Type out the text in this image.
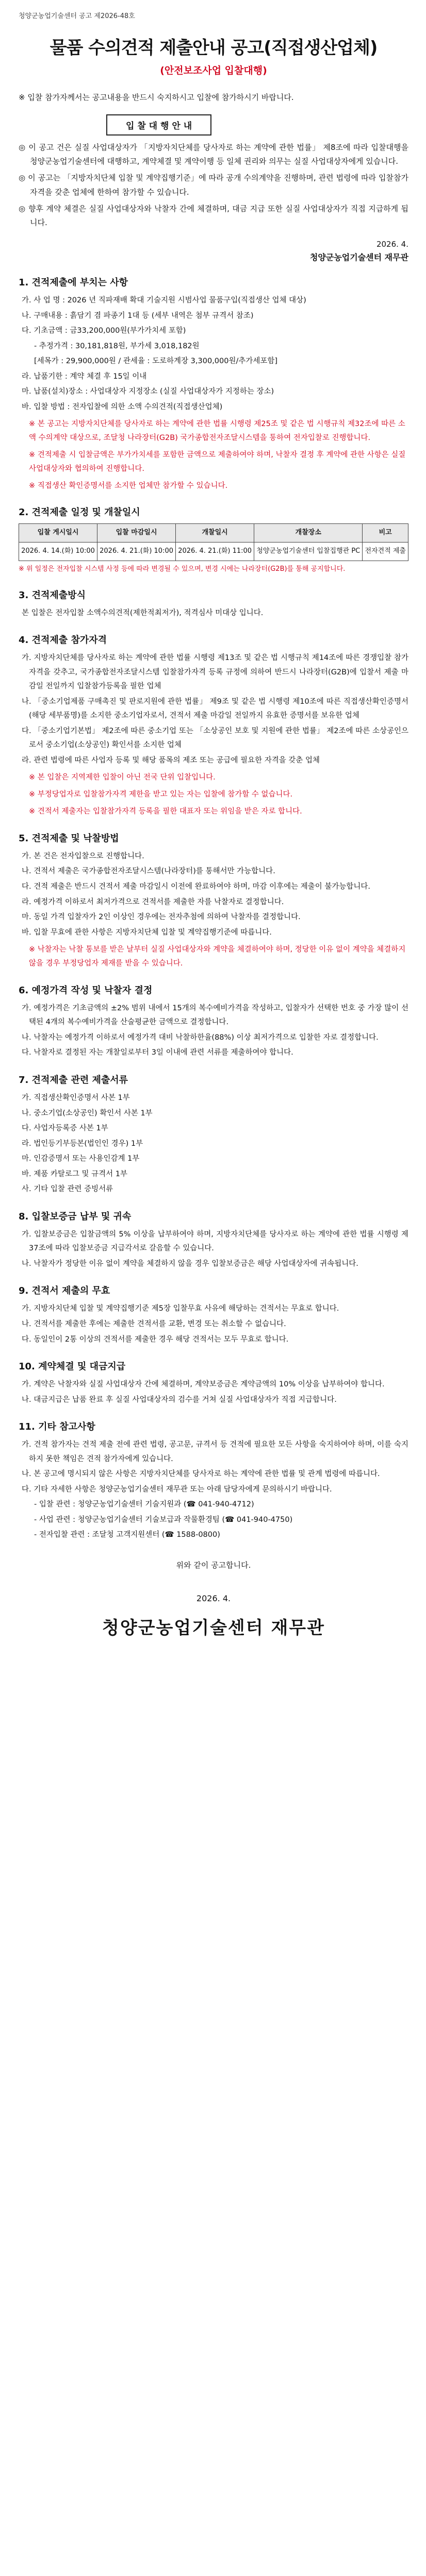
청양군농업기술센터 공고 제2026-48호

물품 수의견적 제출안내 공고(직접생산업체)

(안전보조사업 입찰대행)

※ 입찰 참가자께서는 공고내용을 반드시 숙지하시고 입찰에 참가하시기 바랍니다.

입 찰 대 행 안 내

◎ 이 공고 건은 실질 사업대상자가 「지방자치단체를 당사자로 하는 계약에 관한 법률」 제8조에 따라 입찰대행을 청양군농업기술센터에 대행하고, 계약체결 및 계약이행 등 일체 권리와 의무는 실질 사업대상자에게 있습니다.

◎ 이 공고는 「지방자치단체 입찰 및 계약집행기준」에 따라 공개 수의계약을 진행하며, 관련 법령에 따라 입찰참가자격을 갖춘 업체에 한하여 참가할 수 있습니다.

◎ 향후 계약 체결은 실질 사업대상자와 낙찰자 간에 체결하며, 대금 지급 또한 실질 사업대상자가 직접 지급하게 됩니다.

2026. 4.

청양군농업기술센터 재무관

1. 견적제출에 부치는 사항

가. 사 업 명 : 2026 년 직파재배 확대 기술지원 시범사업 물품구입(직접생산 업체 대상)

나. 구매내용 : 흙담기 겸 파종기 1대 등 (세부 내역은 첨부 규격서 참조)

다. 기초금액 : 금33,200,000원(부가가치세 포함)

- 추정가격 : 30,181,818원, 부가세 3,018,182원

[세목가 : 29,900,000원 / 관세율 : 도로하계장 3,300,000원/추가세포함]

라. 납품기한 : 계약 체결 후 15일 이내

마. 납품(설치)장소 : 사업대상자 지정장소 (실질 사업대상자가 지정하는 장소)

바. 입찰 방법 : 전자입찰에 의한 소액 수의견적(직접생산업체)

※ 본 공고는 지방자치단체를 당사자로 하는 계약에 관한 법률 시행령 제25조 및 같은 법 시행규칙 제32조에 따른 소액 수의계약 대상으로, 조달청 나라장터(G2B) 국가종합전자조달시스템을 통하여 전자입찰로 진행합니다.

※ 견적제출 시 입찰금액은 부가가치세를 포함한 금액으로 제출하여야 하며, 낙찰자 결정 후 계약에 관한 사항은 실질 사업대상자와 협의하여 진행합니다.

※ 직접생산 확인증명서를 소지한 업체만 참가할 수 있습니다.

2. 견적제출 일정 및 개찰일시
입찰 게시일시	입찰 마감일시	개찰일시	개찰장소	비고
2026. 4. 14.(화) 10:00	2026. 4. 21.(화) 10:00	2026. 4. 21.(화) 11:00	청양군농업기술센터 입찰집행관 PC	전자견적 제출

※ 위 일정은 전자입찰 시스템 사정 등에 따라 변경될 수 있으며, 변경 시에는 나라장터(G2B)를 통해 공지합니다.

3. 견적제출방식

본 입찰은 전자입찰 소액수의견적(제한적최저가), 적격심사 미대상 입니다.

4. 견적제출 참가자격

가. 지방자치단체를 당사자로 하는 계약에 관한 법률 시행령 제13조 및 같은 법 시행규칙 제14조에 따른 경쟁입찰 참가자격을 갖추고, 국가종합전자조달시스템 입찰참가자격 등록 규정에 의하여 반드시 나라장터(G2B)에 입찰서 제출 마감일 전일까지 입찰참가등록을 필한 업체

나. 「중소기업제품 구매촉진 및 판로지원에 관한 법률」 제9조 및 같은 법 시행령 제10조에 따른 직접생산확인증명서(해당 세부품명)를 소지한 중소기업자로서, 견적서 제출 마감일 전일까지 유효한 증명서를 보유한 업체

다. 「중소기업기본법」 제2조에 따른 중소기업 또는 「소상공인 보호 및 지원에 관한 법률」 제2조에 따른 소상공인으로서 중소기업(소상공인) 확인서를 소지한 업체

라. 관련 법령에 따른 사업자 등록 및 해당 품목의 제조 또는 공급에 필요한 자격을 갖춘 업체

※ 본 입찰은 지역제한 입찰이 아닌 전국 단위 입찰입니다.

※ 부정당업자로 입찰참가자격 제한을 받고 있는 자는 입찰에 참가할 수 없습니다.

※ 견적서 제출자는 입찰참가자격 등록을 필한 대표자 또는 위임을 받은 자로 합니다.

5. 견적제출 및 낙찰방법

가. 본 건은 전자입찰으로 진행합니다.

나. 견적서 제출은 국가종합전자조달시스템(나라장터)를 통해서만 가능합니다.

다. 견적 제출은 반드시 견적서 제출 마감일시 이전에 완료하여야 하며, 마감 이후에는 제출이 불가능합니다.

라. 예정가격 이하로서 최저가격으로 견적서를 제출한 자를 낙찰자로 결정합니다.

마. 동일 가격 입찰자가 2인 이상인 경우에는 전자추첨에 의하여 낙찰자를 결정합니다.

바. 입찰 무효에 관한 사항은 지방자치단체 입찰 및 계약집행기준에 따릅니다.

※ 낙찰자는 낙찰 통보를 받은 날부터 실질 사업대상자와 계약을 체결하여야 하며, 정당한 이유 없이 계약을 체결하지 않을 경우 부정당업자 제재를 받을 수 있습니다.

6. 예정가격 작성 및 낙찰자 결정

가. 예정가격은 기초금액의 ±2% 범위 내에서 15개의 복수예비가격을 작성하고, 입찰자가 선택한 번호 중 가장 많이 선택된 4개의 복수예비가격을 산술평균한 금액으로 결정합니다.

나. 낙찰자는 예정가격 이하로서 예정가격 대비 낙찰하한율(88%) 이상 최저가격으로 입찰한 자로 결정합니다.

다. 낙찰자로 결정된 자는 개찰일로부터 3일 이내에 관련 서류를 제출하여야 합니다.

7. 견적제출 관련 제출서류

가. 직접생산확인증명서 사본 1부

나. 중소기업(소상공인) 확인서 사본 1부

다. 사업자등록증 사본 1부

라. 법인등기부등본(법인인 경우) 1부

마. 인감증명서 또는 사용인감계 1부

바. 제품 카탈로그 및 규격서 1부

사. 기타 입찰 관련 증빙서류

8. 입찰보증금 납부 및 귀속

가. 입찰보증금은 입찰금액의 5% 이상을 납부하여야 하며, 지방자치단체를 당사자로 하는 계약에 관한 법률 시행령 제37조에 따라 입찰보증금 지급각서로 갈음할 수 있습니다.

나. 낙찰자가 정당한 이유 없이 계약을 체결하지 않을 경우 입찰보증금은 해당 사업대상자에 귀속됩니다.

9. 견적서 제출의 무효

가. 지방자치단체 입찰 및 계약집행기준 제5장 입찰무효 사유에 해당하는 견적서는 무효로 합니다.

나. 견적서를 제출한 후에는 제출한 견적서를 교환, 변경 또는 취소할 수 없습니다.

다. 동일인이 2통 이상의 견적서를 제출한 경우 해당 견적서는 모두 무효로 합니다.

10. 계약체결 및 대금지급

가. 계약은 낙찰자와 실질 사업대상자 간에 체결하며, 계약보증금은 계약금액의 10% 이상을 납부하여야 합니다.

나. 대금지급은 납품 완료 후 실질 사업대상자의 검수를 거쳐 실질 사업대상자가 직접 지급합니다.

11. 기타 참고사항

가. 견적 참가자는 견적 제출 전에 관련 법령, 공고문, 규격서 등 견적에 필요한 모든 사항을 숙지하여야 하며, 이를 숙지하지 못한 책임은 견적 참가자에게 있습니다.

나. 본 공고에 명시되지 않은 사항은 지방자치단체를 당사자로 하는 계약에 관한 법률 및 관계 법령에 따릅니다.

다. 기타 자세한 사항은 청양군농업기술센터 재무관 또는 아래 담당자에게 문의하시기 바랍니다.

- 입찰 관련 : 청양군농업기술센터 기술지원과 (☎ 041-940-4712)

- 사업 관련 : 청양군농업기술센터 기술보급과 작물환경팀 (☎ 041-940-4750)

- 전자입찰 관련 : 조달청 고객지원센터 (☎ 1588-0800)

위와 같이 공고합니다.

2026. 4.

청양군농업기술센터 재무관
